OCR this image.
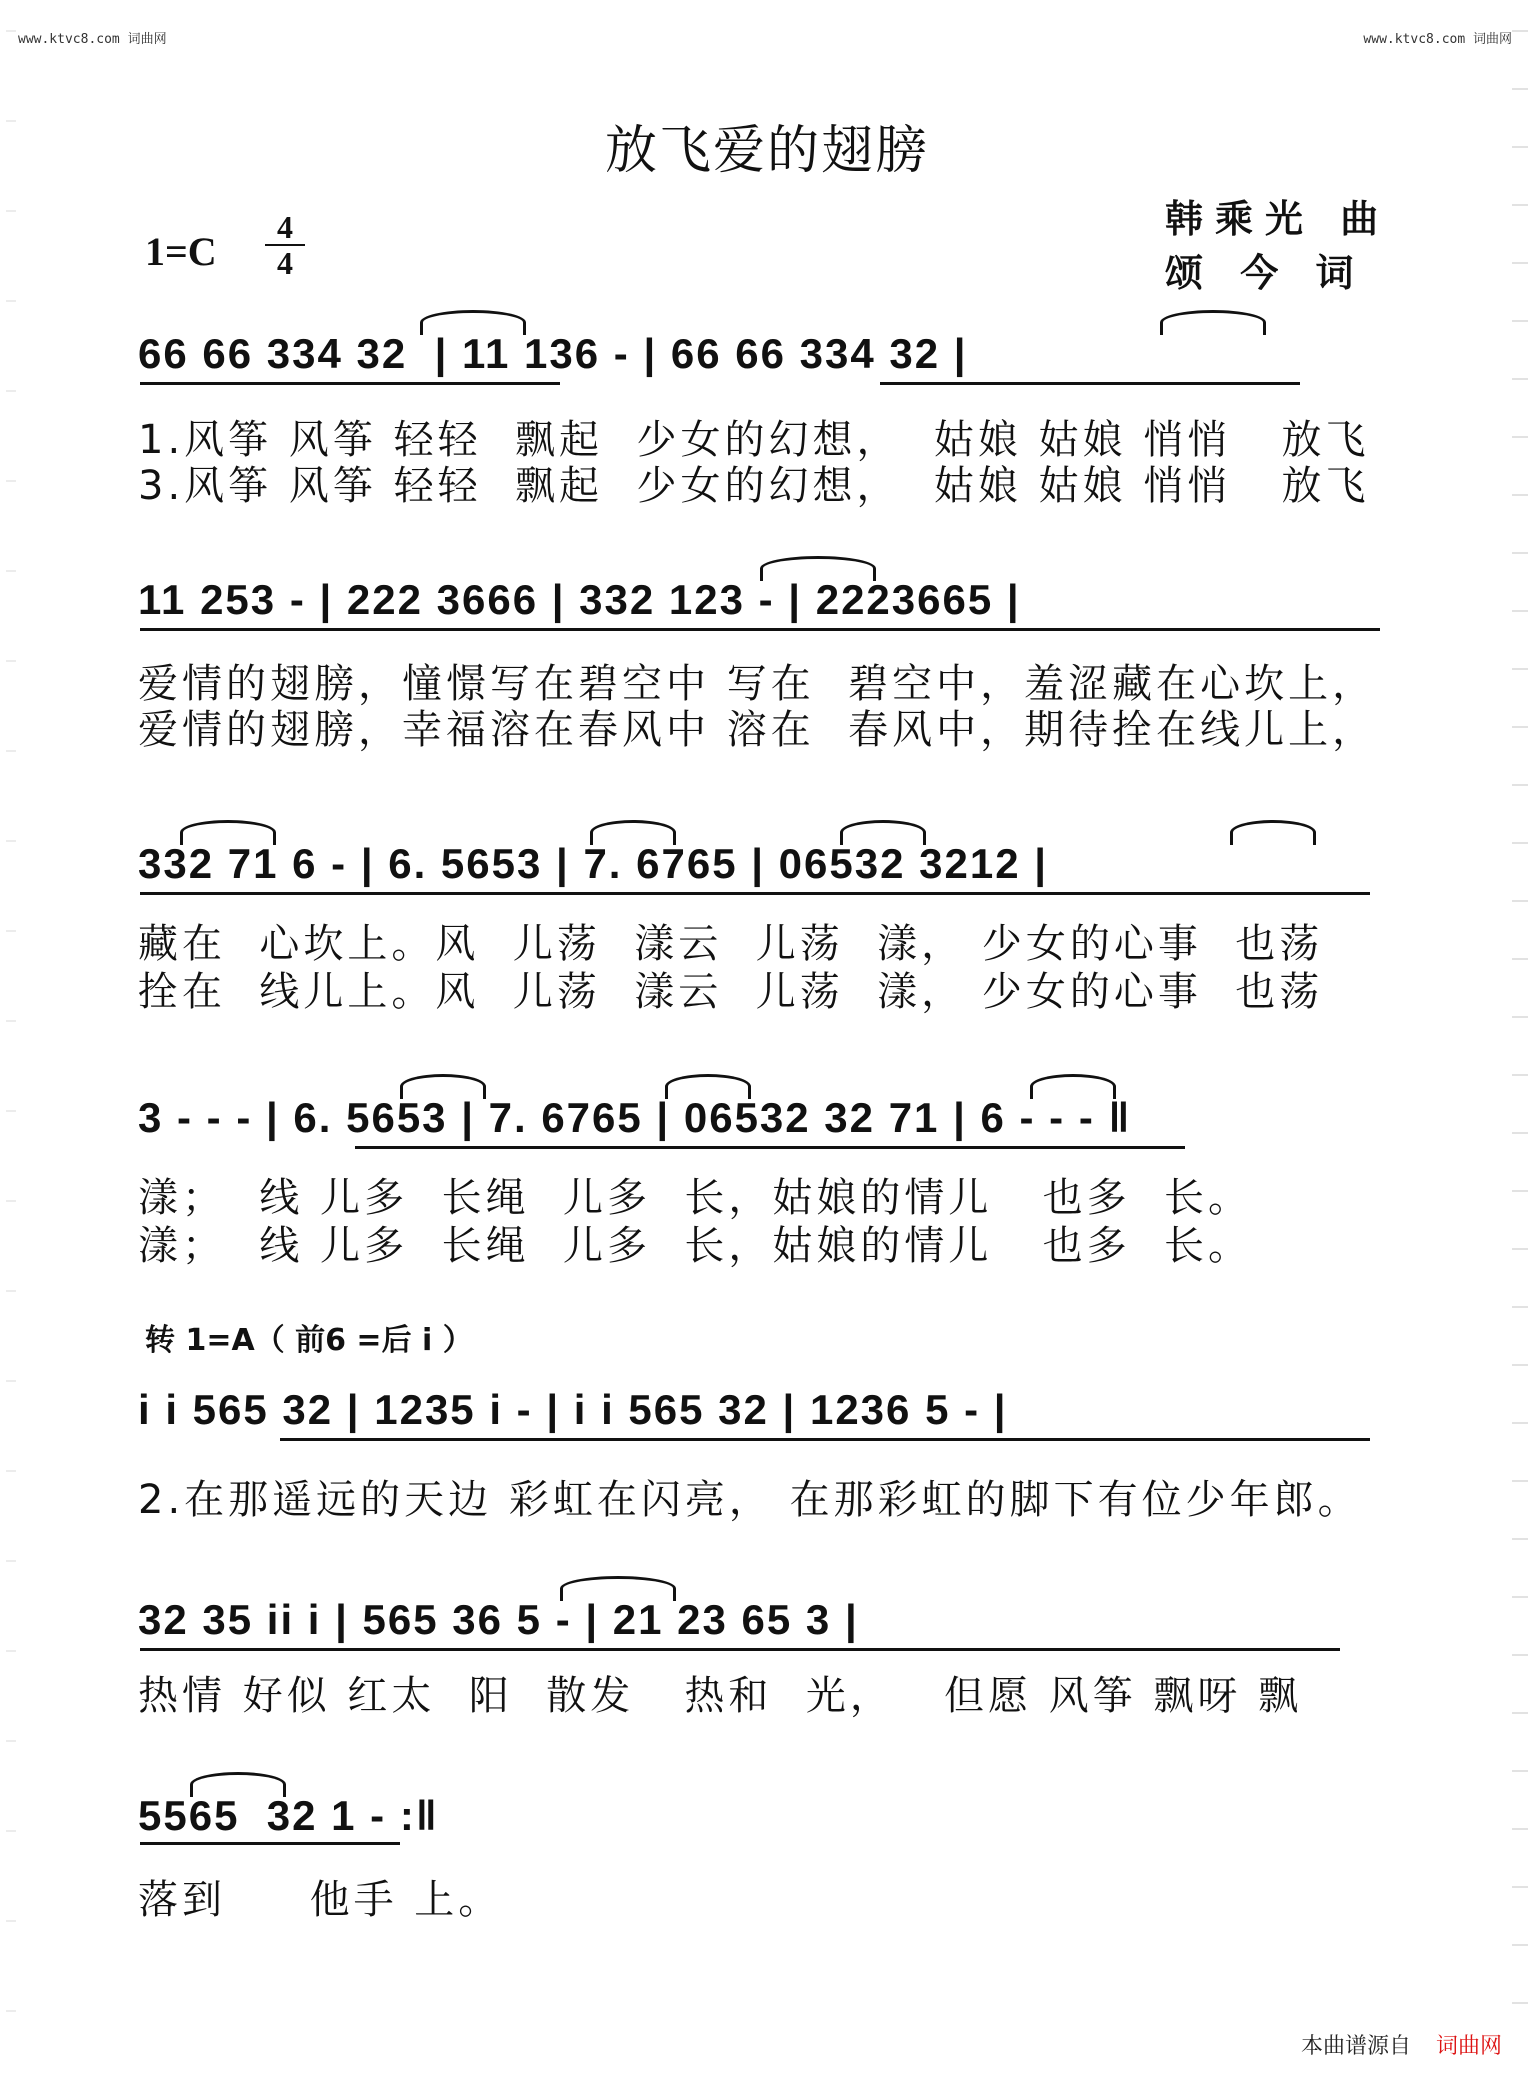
www.ktvc8.com 词曲网	www.ktvc8.com 词曲网
放飞爱的翅膀
1=C
4
4
韩乘光 曲
颂 今 词
66 66 334 32  | 11 136 - | 66 66 334 32 |
1.风筝 风筝 轻轻  飘起  少女的幻想，  姑娘 姑娘 悄悄   放飞
3.风筝 风筝 轻轻  飘起  少女的幻想，  姑娘 姑娘 悄悄   放飞
11 253 - | 222 3666 | 332 123 - | 2223665 |
爱情的翅膀，憧憬写在碧空中 写在  碧空中，羞涩藏在心坎上，
爱情的翅膀，幸福溶在春风中 溶在  春风中，期待拴在线儿上，
332 71 6 - | 6. 5653 | 7. 6765 | 06532 3212 |
藏在  心坎上。风  儿荡  漾云  儿荡  漾， 少女的心事  也荡
拴在  线儿上。风  儿荡  漾云  儿荡  漾， 少女的心事  也荡
3 - - - | 6. 5653 | 7. 6765 | 06532 32 71 | 6 - - - ‖
漾；  线 儿多  长绳  儿多  长，姑娘的情儿   也多  长。
漾；  线 儿多  长绳  儿多  长，姑娘的情儿   也多  长。
转 1=A（ 前6 =后 i ）
i i 565 32 | 1235 i - | i i 565 32 | 1236 5 - |
2.在那遥远的天边 彩虹在闪亮， 在那彩虹的脚下有位少年郎。
32 35 ii i | 565 36 5 - | 21 23 65 3 |
热情 好似 红太  阳  散发   热和  光，   但愿 风筝 飘呀 飘
5565  32 1 - :‖
落到     他手 上。
本曲谱源自 词曲网
